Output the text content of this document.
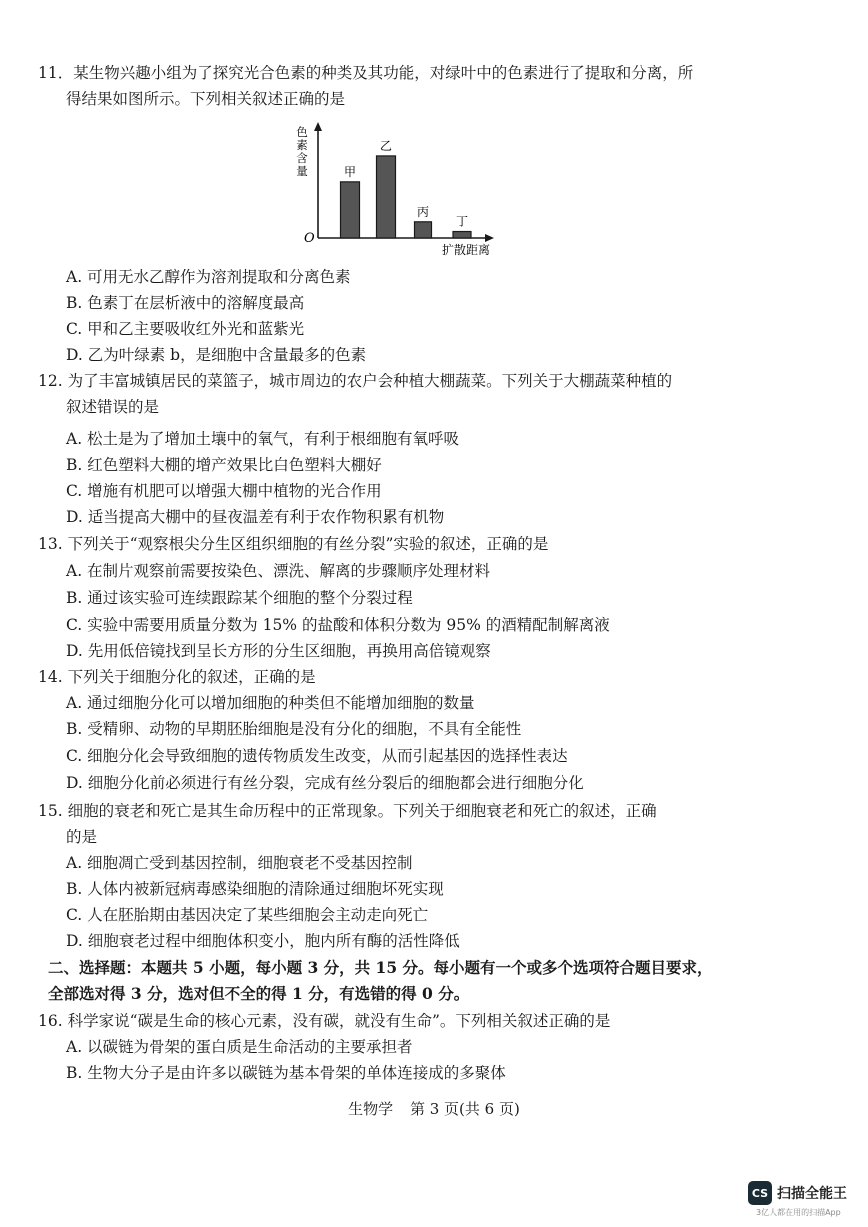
11．某生物兴趣小组为了探究光合色素的种类及其功能，对绿叶中的色素进行了提取和分离，所
得结果如图所示。下列相关叙述正确的是
色
素
含
量
O
扩散距离
甲
乙
丙
丁
A. 可用无水乙醇作为溶剂提取和分离色素
B. 色素丁在层析液中的溶解度最高
C. 甲和乙主要吸收红外光和蓝紫光
D. 乙为叶绿素 b，是细胞中含量最多的色素
12. 为了丰富城镇居民的菜篮子，城市周边的农户会种植大棚蔬菜。下列关于大棚蔬菜种植的
叙述错误的是
A. 松土是为了增加土壤中的氧气，有利于根细胞有氧呼吸
B. 红色塑料大棚的增产效果比白色塑料大棚好
C. 增施有机肥可以增强大棚中植物的光合作用
D. 适当提高大棚中的昼夜温差有利于农作物积累有机物
13. 下列关于“观察根尖分生区组织细胞的有丝分裂”实验的叙述，正确的是
A. 在制片观察前需要按染色、漂洗、解离的步骤顺序处理材料
B. 通过该实验可连续跟踪某个细胞的整个分裂过程
C. 实验中需要用质量分数为 15% 的盐酸和体积分数为 95% 的酒精配制解离液
D. 先用低倍镜找到呈长方形的分生区细胞，再换用高倍镜观察
14. 下列关于细胞分化的叙述，正确的是
A. 通过细胞分化可以增加细胞的种类但不能增加细胞的数量
B. 受精卵、动物的早期胚胎细胞是没有分化的细胞，不具有全能性
C. 细胞分化会导致细胞的遗传物质发生改变，从而引起基因的选择性表达
D. 细胞分化前必须进行有丝分裂，完成有丝分裂后的细胞都会进行细胞分化
15. 细胞的衰老和死亡是其生命历程中的正常现象。下列关于细胞衰老和死亡的叙述，正确
的是
A. 细胞凋亡受到基因控制，细胞衰老不受基因控制
B. 人体内被新冠病毒感染细胞的清除通过细胞坏死实现
C. 人在胚胎期由基因决定了某些细胞会主动走向死亡
D. 细胞衰老过程中细胞体积变小，胞内所有酶的活性降低
二、选择题：本题共 5 小题，每小题 3 分，共 15 分。每小题有一个或多个选项符合题目要求，
全部选对得 3 分，选对但不全的得 1 分，有选错的得 0 分。
16. 科学家说“碳是生命的核心元素，没有碳，就没有生命”。下列相关叙述正确的是
A. 以碳链为骨架的蛋白质是生命活动的主要承担者
B. 生物大分子是由许多以碳链为基本骨架的单体连接成的多聚体
生物学 第 3 页(共 6 页)
CS 扫描全能王
3亿人都在用的扫描App
